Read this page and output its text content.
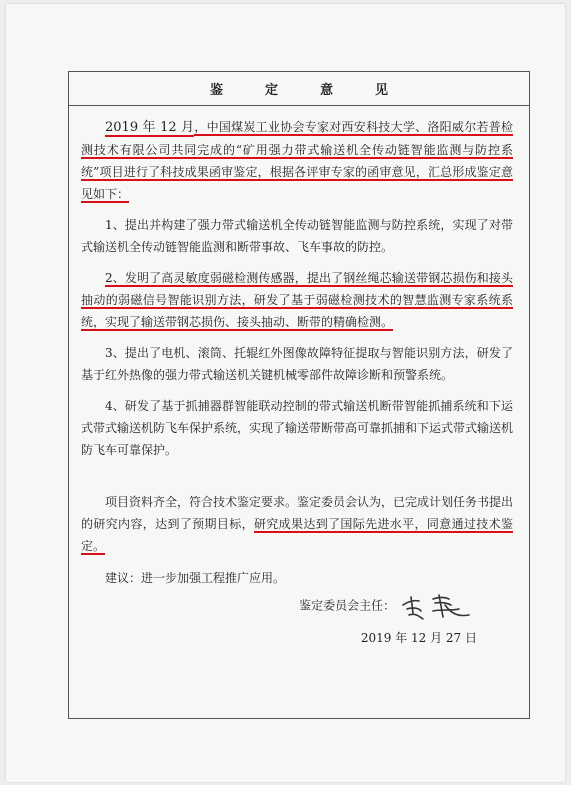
鉴定意见

2019 年 12 月，中国煤炭工业协会专家对西安科技大学、洛阳威尔若普检测技术有限公司共同完成的“矿用强力带式输送机全传动链智能监测与防控系统”项目进行了科技成果函审鉴定，根据各评审专家的函审意见，汇总形成鉴定意见如下：

1、提出并构建了强力带式输送机全传动链智能监测与防控系统，实现了对带式输送机全传动链智能监测和断带事故、飞车事故的防控。

2、发明了高灵敏度弱磁检测传感器，提出了钢丝绳芯输送带钢芯损伤和接头抽动的弱磁信号智能识别方法，研发了基于弱磁检测技术的智慧监测专家系统系统，实现了输送带钢芯损伤、接头抽动、断带的精确检测。

3、提出了电机、滚筒、托辊红外图像故障特征提取与智能识别方法，研发了基于红外热像的强力带式输送机关键机械零部件故障诊断和预警系统。

4、研发了基于抓捕器群智能联动控制的带式输送机断带智能抓捕系统和下运式带式输送机防飞车保护系统，实现了输送带断带高可靠抓捕和下运式带式输送机防飞车可靠保护。

项目资料齐全，符合技术鉴定要求。鉴定委员会认为，已完成计划任务书提出的研究内容，达到了预期目标，研究成果达到了国际先进水平，同意通过技术鉴定。

建议：进一步加强工程推广应用。

鉴定委员会主任：
2019 年 12 月 27 日
